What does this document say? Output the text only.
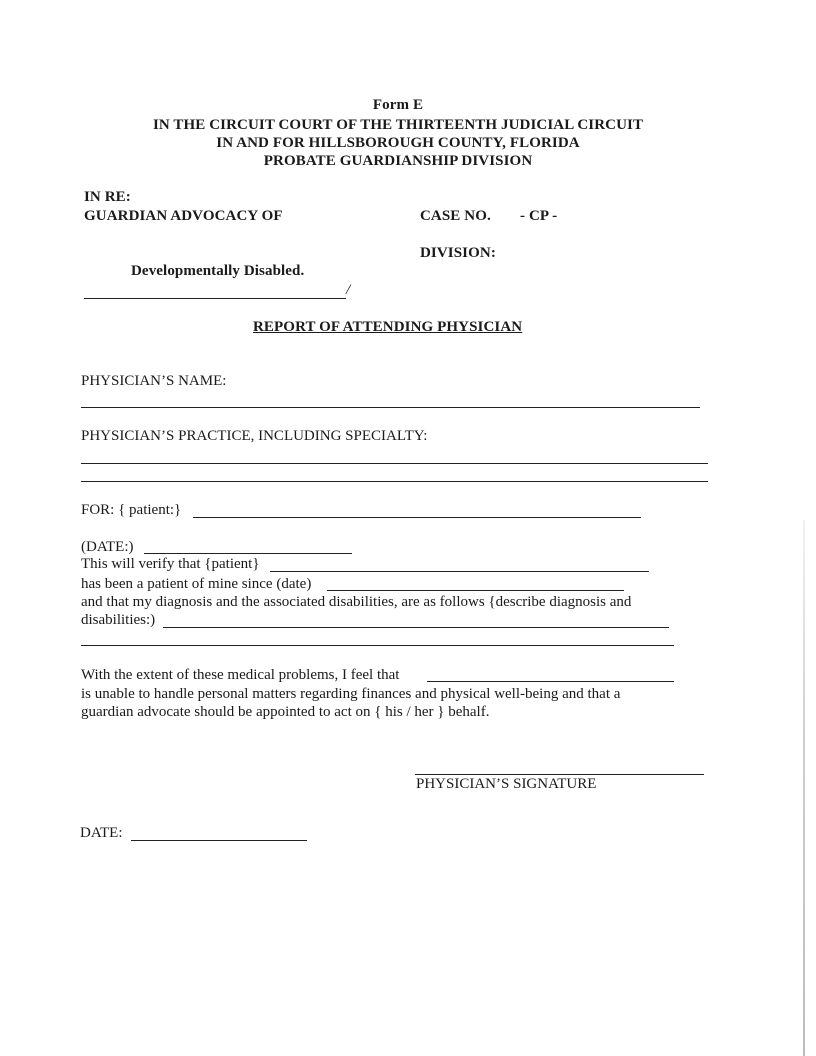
Form E
IN THE CIRCUIT COURT OF THE THIRTEENTH JUDICIAL CIRCUIT
IN AND FOR HILLSBOROUGH COUNTY, FLORIDA
PROBATE GUARDIANSHIP DIVISION
IN RE:
GUARDIAN ADVOCACY OF	CASE NO. - CP -
DIVISION:
Developmentally Disabled.
/
REPORT OF ATTENDING PHYSICIAN
PHYSICIAN’S NAME:
PHYSICIAN’S PRACTICE, INCLUDING SPECIALTY:
FOR: { patient:}
(DATE:)
This will verify that {patient}
has been a patient of mine since (date)
and that my diagnosis and the associated disabilities, are as follows {describe diagnosis and
disabilities:)
With the extent of these medical problems, I feel that
is unable to handle personal matters regarding finances and physical well-being and that a
guardian advocate should be appointed to act on { his / her } behalf.
PHYSICIAN’S SIGNATURE
DATE:
